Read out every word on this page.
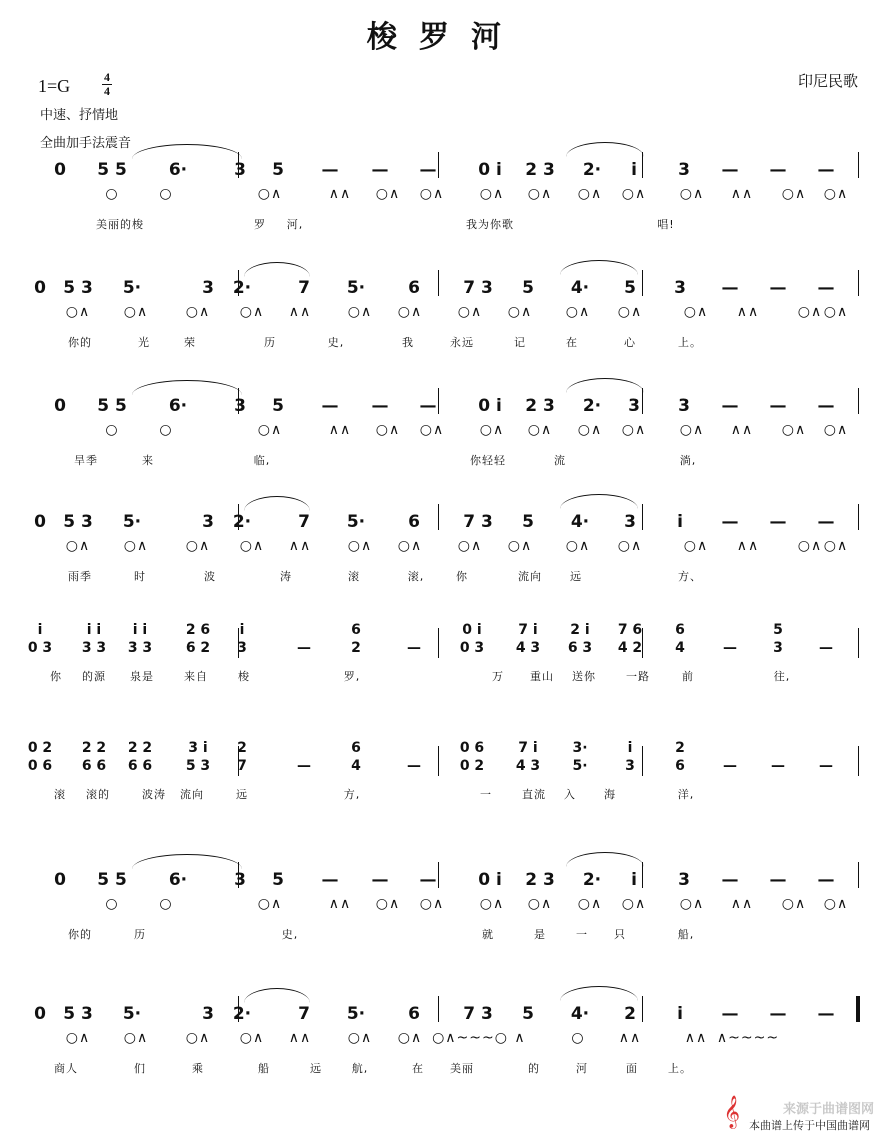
梭罗河
印尼民歌
1=G	4
4
中速、抒情地
全曲加手法震音
0 5 5 6·	3 5 — — — 0 i 2 3 2· i 3 — — —
○	○	○∧	∧∧ ○∧ ○∧	○∧ ○∧ ○∧ ○∧ ○∧ ∧∧ ○∧ ○∧
美丽的梭	罗 河,	我为你歌	唱!
0 5 3 5·	3 2·	7 5·	6	7 3 5 4· 5 3 — — —
○∧ ○∧	○∧ ○∧ ∧∧	○∧ ○∧	○∧ ○∧ ○∧ ○∧	○∧ ∧∧	○∧ ○∧
你的	光	荣	历	史,	我	永远	记	在	心	上。
0 5 5 6·	3 5 — — — 0 i 2 3 2· 3 3 — — —
○	○	○∧	∧∧ ○∧ ○∧	○∧ ○∧ ○∧ ○∧ ○∧ ∧∧ ○∧ ○∧
旱季	来	临,	你轻轻	流	淌,
0 5 3 5·	3 2·	7 5·	6	7 3 5 4· 3 i — — —
○∧ ○∧	○∧ ○∧ ∧∧	○∧ ○∧	○∧ ○∧ ○∧ ○∧	○∧ ∧∧	○∧ ○∧
雨季	时	波	涛	滚	滚,	你	流向	远	方、
i	i i i i	2 6 i	6	0 i	7 i 2 i 7 6 6	5
0 3 3 3 3 3 6 2 3	—	2	—	0 3 4 3 6 3 4 2 4	—	3	—
你 的源 泉是	来自	梭	罗,	万 重山 送你	一路	前	往,
0 2 2 2 2 2	3 i 2	6	0 6 7 i 3·	i	2
0 6 6 6 6 6 5 3 7	—	4	—	0 2 4 3 5·	3	6	— — —
滚 滚的	波涛 流向	远	方,	一	直流 入	海	洋,
0 5 5 6·	3 5 — — — 0 i 2 3 2· i 3 — — —
○	○	○∧	∧∧ ○∧ ○∧	○∧ ○∧ ○∧ ○∧ ○∧ ∧∧ ○∧ ○∧
你的	历	史,	就	是	一 只	船,
0 5 3 5·	3 2·	7 5·	6	7 3 5 4· 2 i — — —
○∧ ○∧	○∧ ○∧ ∧∧	○∧ ○∧ ○∧~~~○ ∧	○ ∧∧	∧∧ ∧~~~~
商人	们	乘	船	远	航,	在 美丽	的	河	面	上。
来源于曲谱图网
𝄞 本曲谱上传于中国曲谱网
